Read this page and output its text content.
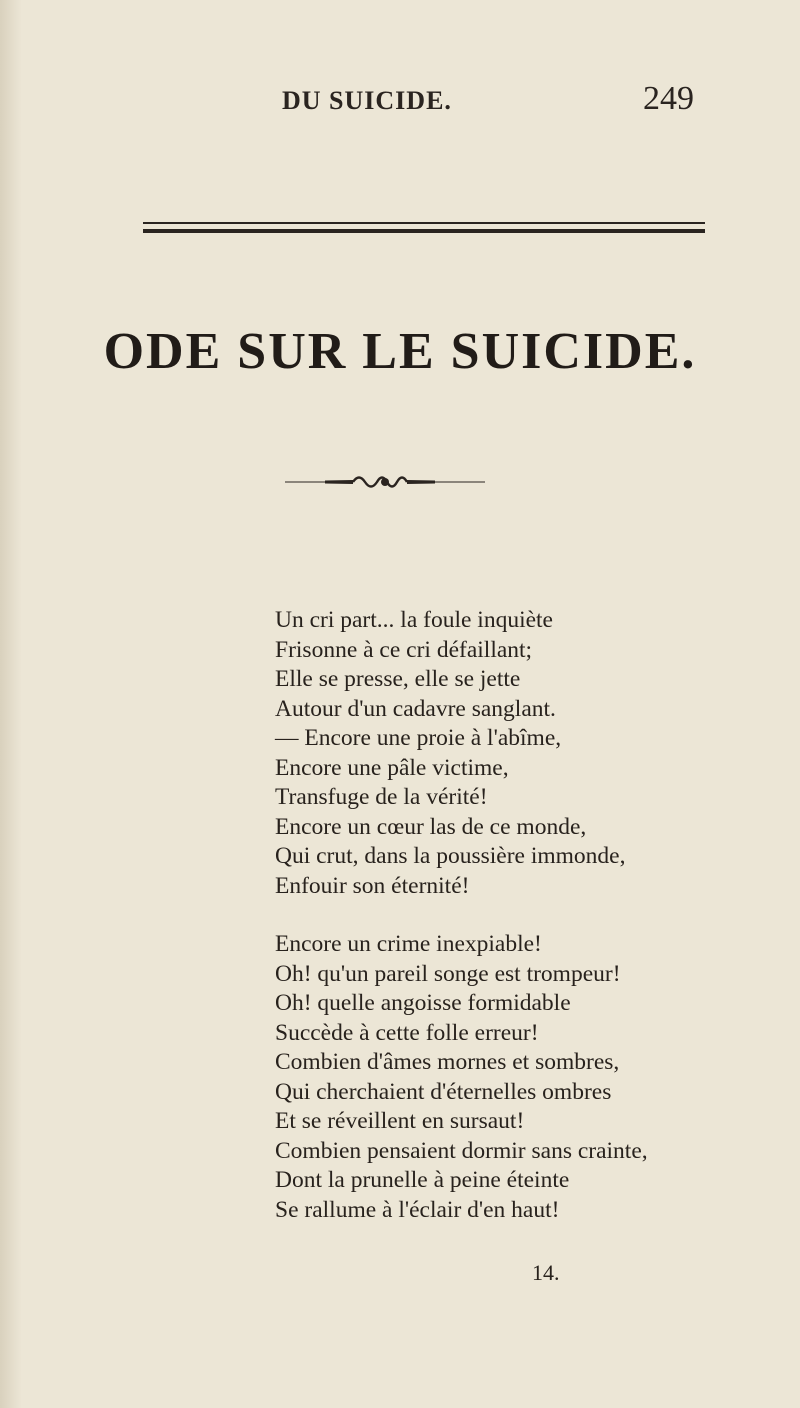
DU SUICIDE.	249
ODE SUR LE SUICIDE.
Un cri part... la foule inquiète
Frisonne à ce cri défaillant;
Elle se presse, elle se jette
Autour d'un cadavre sanglant.
— Encore une proie à l'abîme,
Encore une pâle victime,
Transfuge de la vérité!
Encore un cœur las de ce monde,
Qui crut, dans la poussière immonde,
Enfouir son éternité!
Encore un crime inexpiable!
Oh! qu'un pareil songe est trompeur!
Oh! quelle angoisse formidable
Succède à cette folle erreur!
Combien d'âmes mornes et sombres,
Qui cherchaient d'éternelles ombres
Et se réveillent en sursaut!
Combien pensaient dormir sans crainte,
Dont la prunelle à peine éteinte
Se rallume à l'éclair d'en haut!
14.
